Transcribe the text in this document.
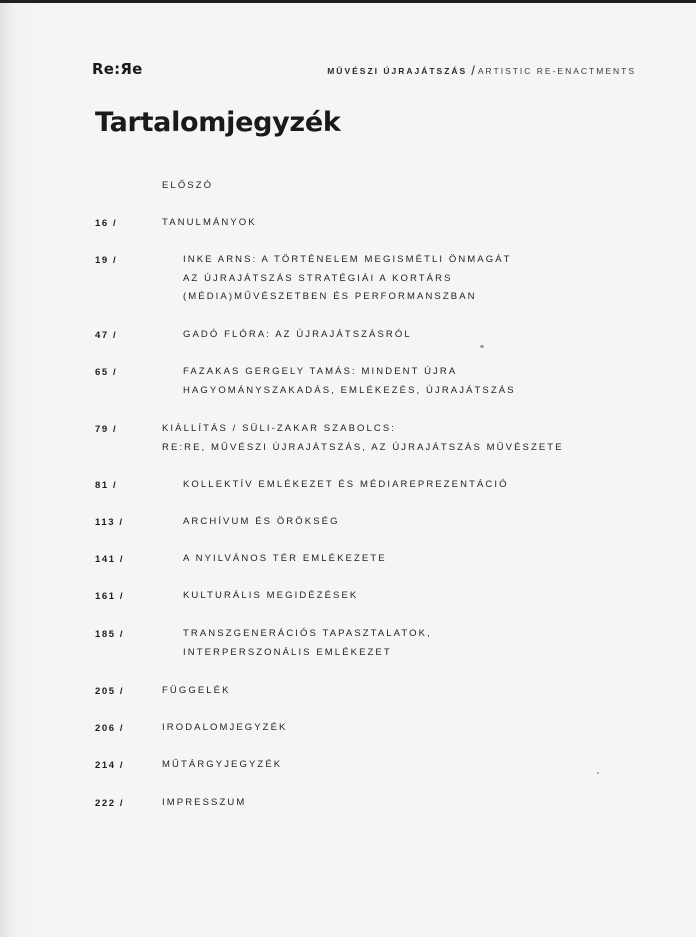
Re:Яe	MŰVÉSZI ÚJRAJÁTSZÁS / ARTISTIC RE-ENACTMENTS
Tartalomjegyzék
ELŐSZÓ
16 /	TANULMÁNYOK
19 /	INKE ARNS: A TÖRTÉNELEM MEGISMÉTLI ÖNMAGÁT
AZ ÚJRAJÁTSZÁS STRATÉGIÁI A KORTÁRS
(MÉDIA)MŰVÉSZETBEN ÉS PERFORMANSZBAN
47 /	GADÓ FLÓRA: AZ ÚJRAJÁTSZÁSRÓL
65 /	FAZAKAS GERGELY TAMÁS: MINDENT ÚJRA
HAGYOMÁNYSZAKADÁS, EMLÉKEZÉS, ÚJRAJÁTSZÁS
79 /	KIÁLLÍTÁS / SÜLI-ZAKAR SZABOLCS:
RE:RE, MŰVÉSZI ÚJRAJÁTSZÁS, AZ ÚJRAJÁTSZÁS MŰVÉSZETE
81 /	KOLLEKTÍV EMLÉKEZET ÉS MÉDIAREPREZENTÁCIÓ
113 /	ARCHÍVUM ÉS ÖRÖKSÉG
141 /	A NYILVÁNOS TÉR EMLÉKEZETE
161 /	KULTURÁLIS MEGIDÉZÉSEK
185 /	TRANSZGENERÁCIÓS TAPASZTALATOK,
INTERPERSZONÁLIS EMLÉKEZET
205 /	FÜGGELÉK
206 /	IRODALOMJEGYZÉK
214 /	MŰTÁRGYJEGYZÉK
222 /	IMPRESSZUM
